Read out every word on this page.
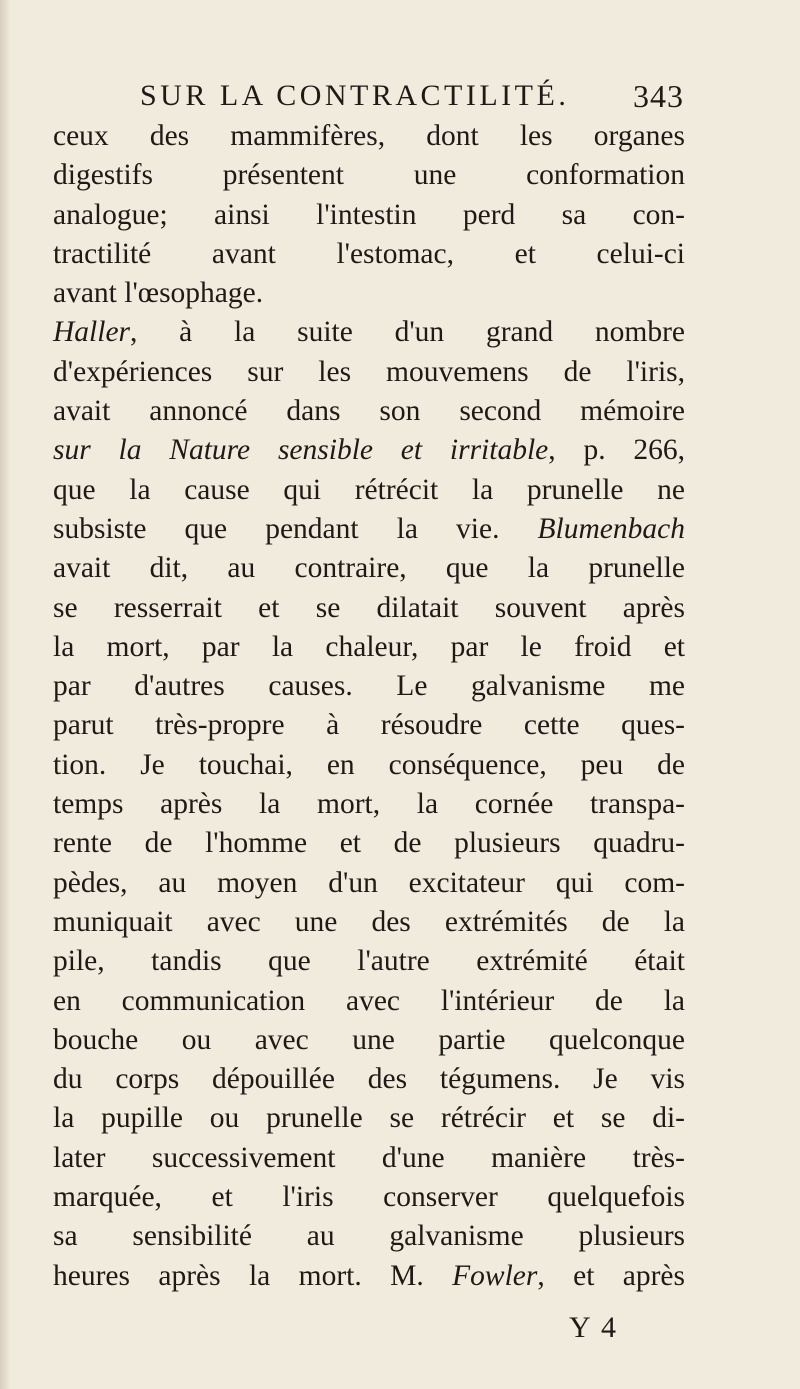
SUR LA CONTRACTILITÉ. 343
ceux des mammifères, dont les organes
digestifs présentent une conformation
analogue; ainsi l'intestin perd sa con-
tractilité avant l'estomac, et celui-ci
avant l'œsophage.
Haller, à la suite d'un grand nombre
d'expériences sur les mouvemens de l'iris,
avait annoncé dans son second mémoire
sur la Nature sensible et irritable, p. 266,
que la cause qui rétrécit la prunelle ne
subsiste que pendant la vie. Blumenbach
avait dit, au contraire, que la prunelle
se resserrait et se dilatait souvent après
la mort, par la chaleur, par le froid et
par d'autres causes. Le galvanisme me
parut très-propre à résoudre cette ques-
tion. Je touchai, en conséquence, peu de
temps après la mort, la cornée transpa-
rente de l'homme et de plusieurs quadru-
pèdes, au moyen d'un excitateur qui com-
muniquait avec une des extrémités de la
pile, tandis que l'autre extrémité était
en communication avec l'intérieur de la
bouche ou avec une partie quelconque
du corps dépouillée des tégumens. Je vis
la pupille ou prunelle se rétrécir et se di-
later successivement d'une manière très-
marquée, et l'iris conserver quelquefois
sa sensibilité au galvanisme plusieurs
heures après la mort. M. Fowler, et après
Y 4
